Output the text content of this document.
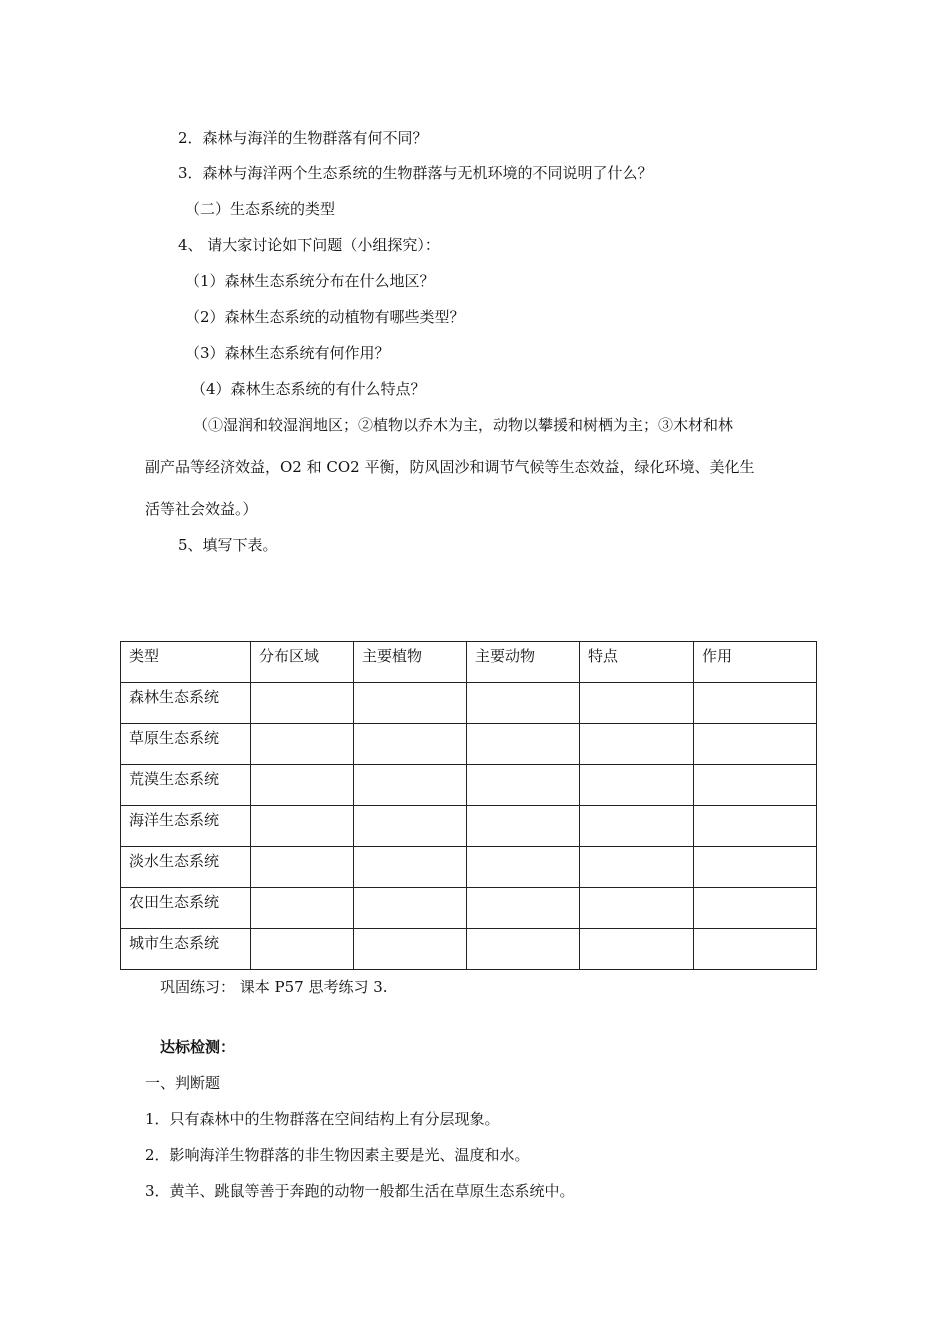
2．森林与海洋的生物群落有何不同？
3．森林与海洋两个生态系统的生物群落与无机环境的不同说明了什么？
（二）生态系统的类型
4、 请大家讨论如下问题（小组探究）：
（1）森林生态系统分布在什么地区？
（2）森林生态系统的动植物有哪些类型？
（3）森林生态系统有何作用？
（4）森林生态系统的有什么特点？
（①湿润和较湿润地区；②植物以乔木为主，动物以攀援和树栖为主；③木材和林
副产品等经济效益，O2 和 CO2 平衡，防风固沙和调节气候等生态效益，绿化环境、美化生
活等社会效益。）
5、填写下表。
类型	分布区域	主要植物	主要动物	特点	作用
森林生态系统					
草原生态系统					
荒漠生态系统					
海洋生态系统					
淡水生态系统					
农田生态系统					
城市生态系统					
巩固练习： 课本 P57 思考练习 3.
达标检测：
一、判断题
1．只有森林中的生物群落在空间结构上有分层现象。
2．影响海洋生物群落的非生物因素主要是光、温度和水。
3．黄羊、跳鼠等善于奔跑的动物一般都生活在草原生态系统中。
